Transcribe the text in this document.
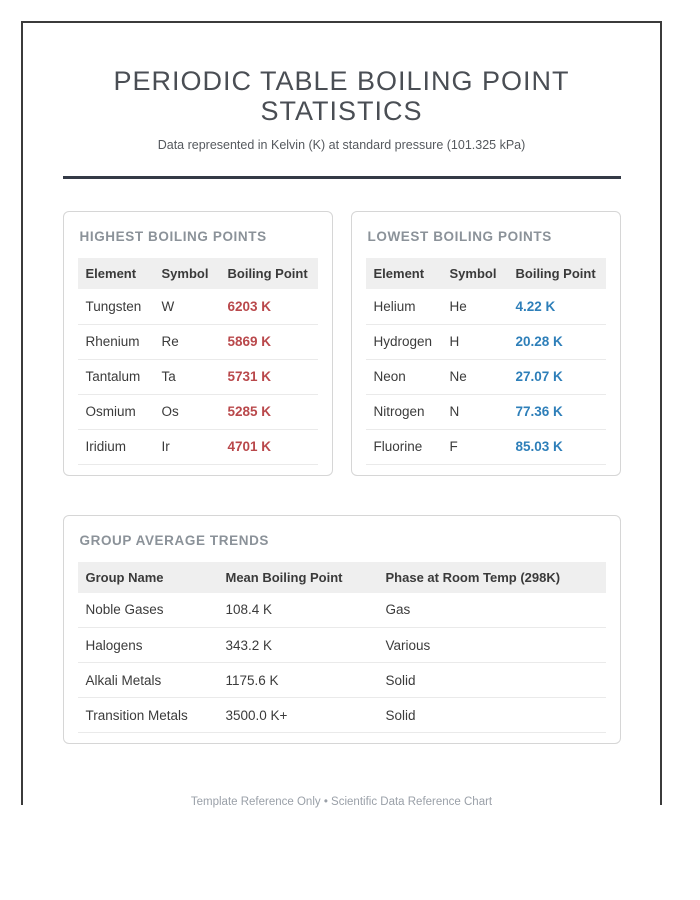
PERIODIC TABLE BOILING POINT STATISTICS
Data represented in Kelvin (K) at standard pressure (101.325 kPa)
HIGHEST BOILING POINTS
Element	Symbol	Boiling Point
Tungsten	W	6203 K
Rhenium	Re	5869 K
Tantalum	Ta	5731 K
Osmium	Os	5285 K
Iridium	Ir	4701 K
LOWEST BOILING POINTS
Element	Symbol	Boiling Point
Helium	He	4.22 K
Hydrogen	H	20.28 K
Neon	Ne	27.07 K
Nitrogen	N	77.36 K
Fluorine	F	85.03 K
GROUP AVERAGE TRENDS
Group Name	Mean Boiling Point	Phase at Room Temp (298K)
Noble Gases	108.4 K	Gas
Halogens	343.2 K	Various
Alkali Metals	1175.6 K	Solid
Transition Metals	3500.0 K+	Solid
Template Reference Only • Scientific Data Reference Chart
